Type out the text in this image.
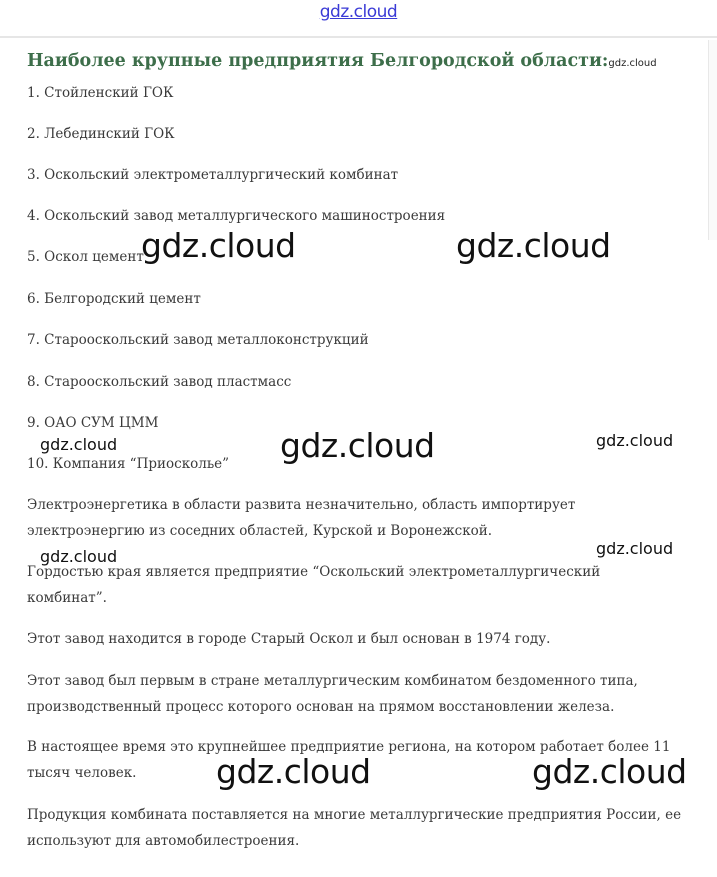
gdz.cloud
Наиболее крупные предприятия Белгородской области:gdz.cloud
1. Стойленский ГОК
2. Лебединский ГОК
3. Оскольский электрометаллургический комбинат
4. Оскольский завод металлургического машиностроения
5. Оскол цемент
6. Белгородский цемент
7. Старооскольский завод металлоконструкций
8. Старооскольский завод пластмасс
9. ОАО СУМ ЦММ
10. Компания “Приосколье”

Электроэнергетика в области развита незначительно, область импортирует электроэнергию из соседних областей, Курской и Воронежской.

Гордостью края является предприятие “Оскольский электрометаллургический комбинат”.

Этот завод находится в городе Старый Оскол и был основан в 1974 году.

Этот завод был первым в стране металлургическим комбинатом бездоменного типа, производственный процесс которого основан на прямом восстановлении железа.

В настоящее время это крупнейшее предприятие региона, на котором работает более 11 тысяч человек.

Продукция комбината поставляется на многие металлургические предприятия России, ее используют для автомобилестроения.

gdz.cloud	gdz.cloud
gdz.cloud
gdz.cloud	gdz.cloud
gdz.cloud	gdz.cloud
gdz.cloud	gdz.cloud
